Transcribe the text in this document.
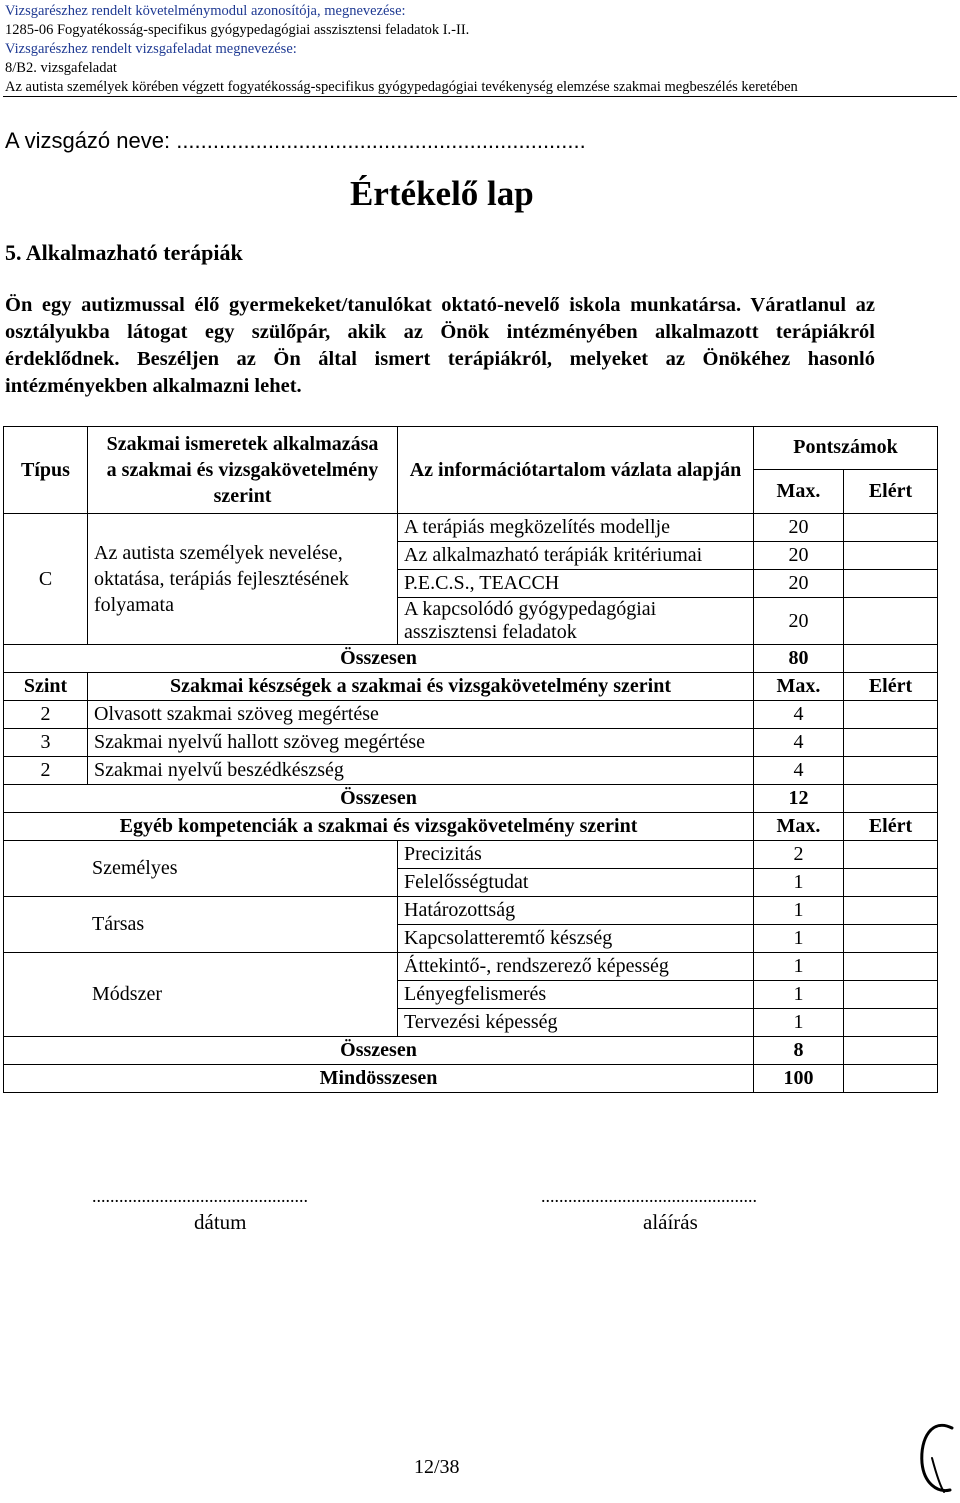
Vizsgarészhez rendelt követelménymodul azonosítója, megnevezése:
1285-06 Fogyatékosság-specifikus gyógypedagógiai asszisztensi feladatok I.-II.
Vizsgarészhez rendelt vizsgafeladat megnevezése:
8/B2. vizsgafeladat
Az autista személyek körében végzett fogyatékosság-specifikus gyógypedagógiai tevékenység elemzése szakmai megbeszélés keretében
A vizsgázó neve: ...................................................................
Értékelő lap
5. Alkalmazható terápiák
Ön egy autizmussal élő gyermekeket/tanulókat oktató-nevelő iskola munkatársa. Váratlanul az osztályukba látogat egy szülőpár, akik az Önök intézményében alkalmazott terápiákról érdeklődnek. Beszéljen az Ön által ismert terápiákról, melyeket az Önökéhez hasonló intézményekben alkalmazni lehet.
Típus	Szakmai ismeretek alkalmazása a szakmai és vizsgakövetelmény szerint	Az információtartalom vázlata alapján	Pontszámok	
			Max.	Elért
C	Az autista személyek nevelése, oktatása, terápiás fejlesztésének folyamata	A terápiás megközelítés modellje	20	
		Az alkalmazható terápiák kritériumai	20	
		P.E.C.S., TEACCH	20	
		A kapcsolódó gyógypedagógiai asszisztensi feladatok	20	
Összesen			80	
Szint	Szakmai készségek a szakmai és vizsgakövetelmény szerint		Max.	Elért
2	Olvasott szakmai szöveg megértése		4	
3	Szakmai nyelvű hallott szöveg megértése		4	
2	Szakmai nyelvű beszédkészség		4	
Összesen			12	
Egyéb kompetenciák a szakmai és vizsgakövetelmény szerint			Max.	Elért
Személyes		Precizitás	2	
		Felelősségtudat	1	
Társas		Határozottság	1	
		Kapcsolatteremtő készség	1	
Módszer		Áttekintő-, rendszerező képesség	1	
		Lényegfelismerés	1	
		Tervezési képesség	1	
Összesen			8	
Mindösszesen			100	
................................................
dátum
................................................
aláírás
12/38
